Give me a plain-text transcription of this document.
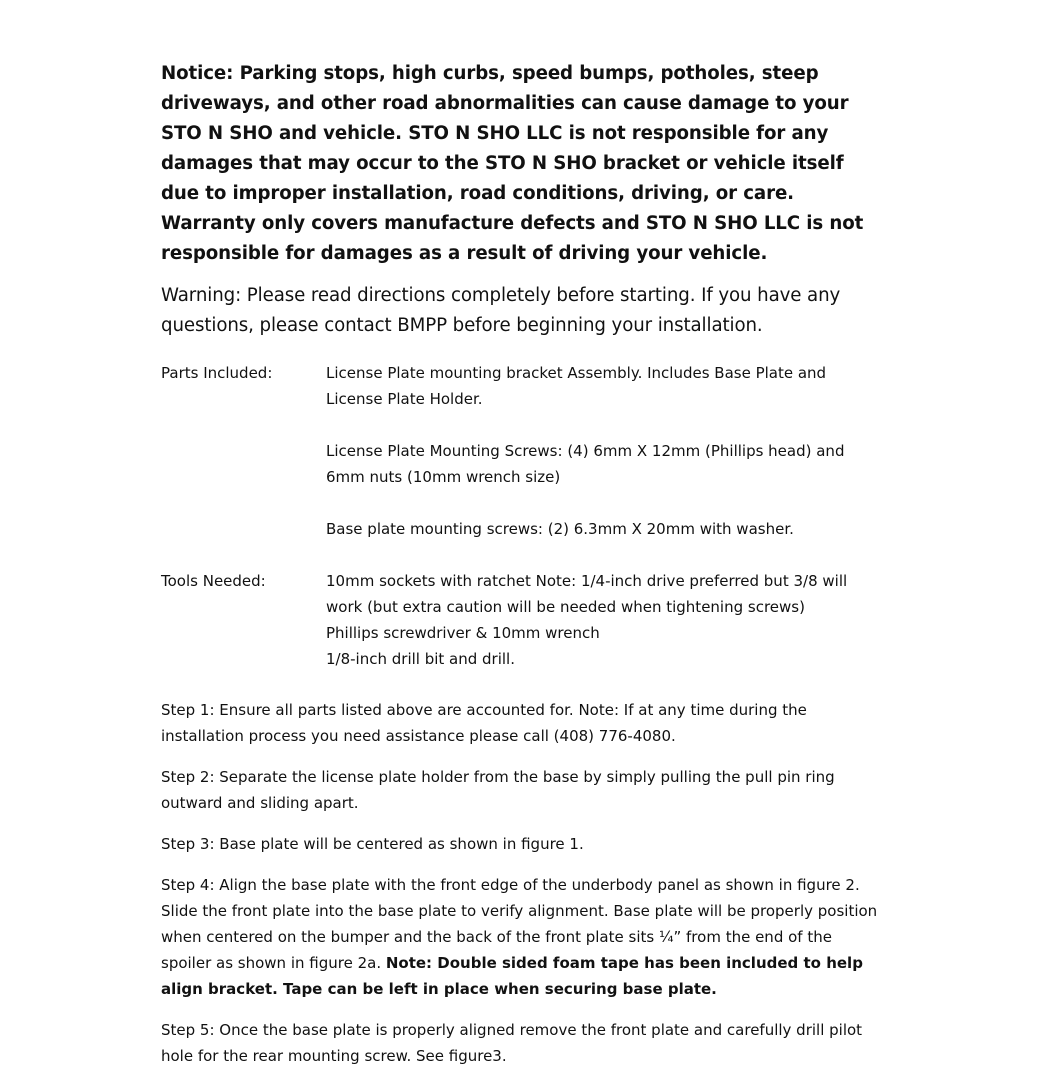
Notice: Parking stops, high curbs, speed bumps, potholes, steep driveways, and other road abnormalities can cause damage to your STO N SHO and vehicle. STO N SHO LLC is not responsible for any damages that may occur to the STO N SHO bracket or vehicle itself due to improper installation, road conditions, driving, or care. Warranty only covers manufacture defects and STO N SHO LLC is not responsible for damages as a result of driving your vehicle.

Warning: Please read directions completely before starting. If you have any questions, please contact BMPP before beginning your installation.

Parts Included:	License Plate mounting bracket Assembly. Includes Base Plate and License Plate Holder.

License Plate Mounting Screws: (4) 6mm X 12mm (Phillips head) and 6mm nuts (10mm wrench size)

Base plate mounting screws: (2) 6.3mm X 20mm with washer.

Tools Needed:	10mm sockets with ratchet Note: 1/4-inch drive preferred but 3/8 will work (but extra caution will be needed when tightening screws)
Phillips screwdriver & 10mm wrench
1/8-inch drill bit and drill.

Step 1: Ensure all parts listed above are accounted for. Note: If at any time during the installation process you need assistance please call (408) 776-4080.

Step 2: Separate the license plate holder from the base by simply pulling the pull pin ring outward and sliding apart.

Step 3: Base plate will be centered as shown in figure 1.

Step 4: Align the base plate with the front edge of the underbody panel as shown in figure 2. Slide the front plate into the base plate to verify alignment. Base plate will be properly position when centered on the bumper and the back of the front plate sits ¼” from the end of the spoiler as shown in figure 2a. Note: Double sided foam tape has been included to help align bracket. Tape can be left in place when securing base plate.

Step 5: Once the base plate is properly aligned remove the front plate and carefully drill pilot hole for the rear mounting screw. See figure3.
